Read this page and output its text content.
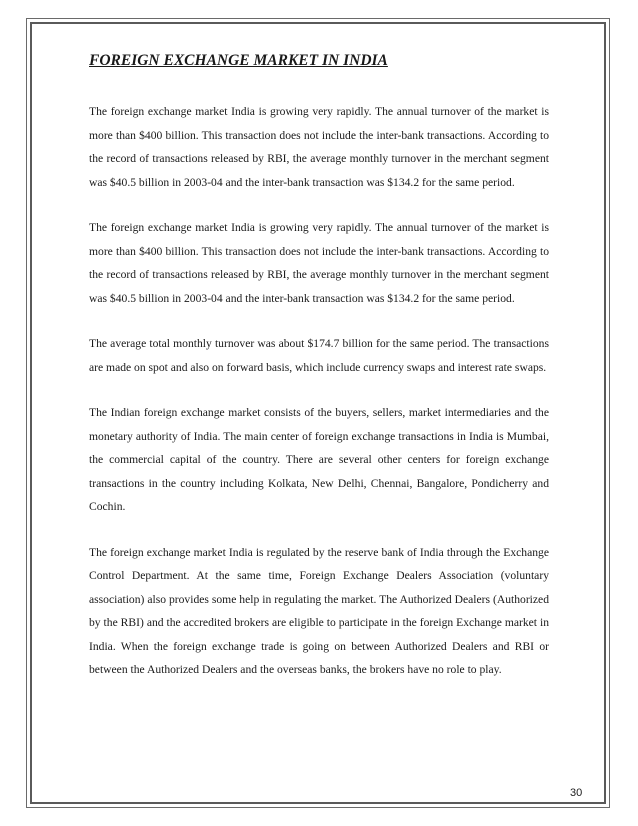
FOREIGN EXCHANGE MARKET IN INDIA

The foreign exchange market India is growing very rapidly. The annual turnover of the market is more than $400 billion. This transaction does not include the inter-bank transactions. According to the record of transactions released by RBI, the average monthly turnover in the merchant segment was $40.5 billion in 2003-04 and the inter-bank transaction was $134.2 for the same period.

The foreign exchange market India is growing very rapidly. The annual turnover of the market is more than $400 billion. This transaction does not include the inter-bank transactions. According to the record of transactions released by RBI, the average monthly turnover in the merchant segment was $40.5 billion in 2003-04 and the inter-bank transaction was $134.2 for the same period.

The average total monthly turnover was about $174.7 billion for the same period. The transactions are made on spot and also on forward basis, which include currency swaps and interest rate swaps.

The Indian foreign exchange market consists of the buyers, sellers, market intermediaries and the monetary authority of India. The main center of foreign exchange transactions in India is Mumbai, the commercial capital of the country. There are several other centers for foreign exchange transactions in the country including Kolkata, New Delhi, Chennai, Bangalore, Pondicherry and Cochin.

The foreign exchange market India is regulated by the reserve bank of India through the Exchange Control Department. At the same time, Foreign Exchange Dealers Association (voluntary association) also provides some help in regulating the market. The Authorized Dealers (Authorized by the RBI) and the accredited brokers are eligible to participate in the foreign Exchange market in India. When the foreign exchange trade is going on between Authorized Dealers and RBI or between the Authorized Dealers and the overseas banks, the brokers have no role to play.

30
